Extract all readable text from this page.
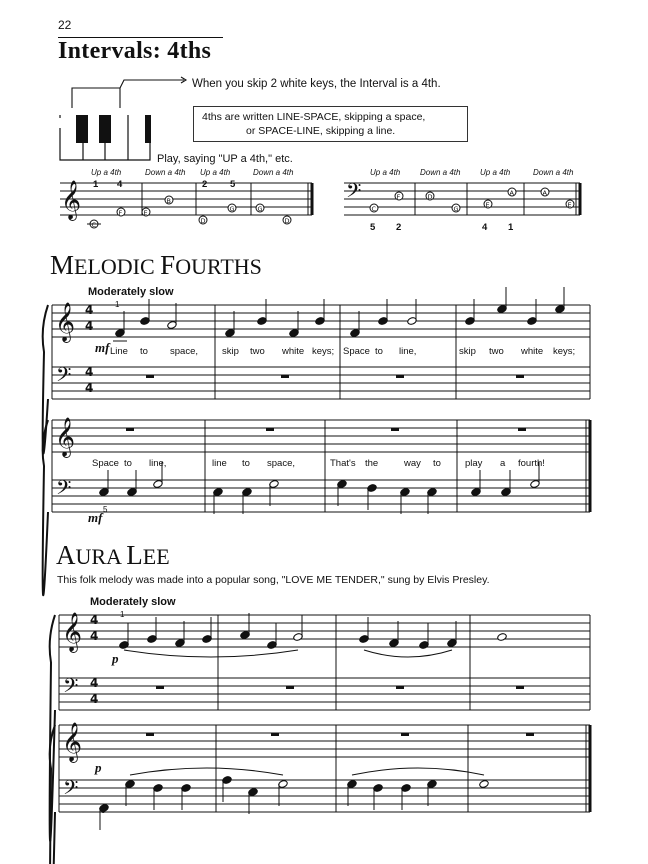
22
Intervals: 4ths
When you skip 2 white keys, the Interval is a 4th.
4ths are written LINE-SPACE, skipping a space,
or SPACE-LINE, skipping a line.
Play, saying "UP a 4th," etc.
MELODIC FOURTHS
Moderately slow
AURA LEE
This folk melody was made into a popular song, "LOVE ME TENDER," sung by Elvis Presley.
Moderately slow
Up a 4th	Down a 4th Up a 4th	Down a 4th	Up a 4th Down a 4th Up a 4th	Down a 4th
1 4	2 5
5 2	4 1
1
mf
5
mf
1
p
p
Line to space,	skip two white keys; Space to line,	skip two white keys;
Space to line,	line to space,	That's the	way to	play a fourth!
𝄞
C
F	E
B
D
G	G
D
𝄢
C
F	D
G	E
A	A
E
𝄞
𝄢
4
4
4
4
𝄞
𝄢
𝄞
𝄢
4
4
4
4
𝄞
𝄢
